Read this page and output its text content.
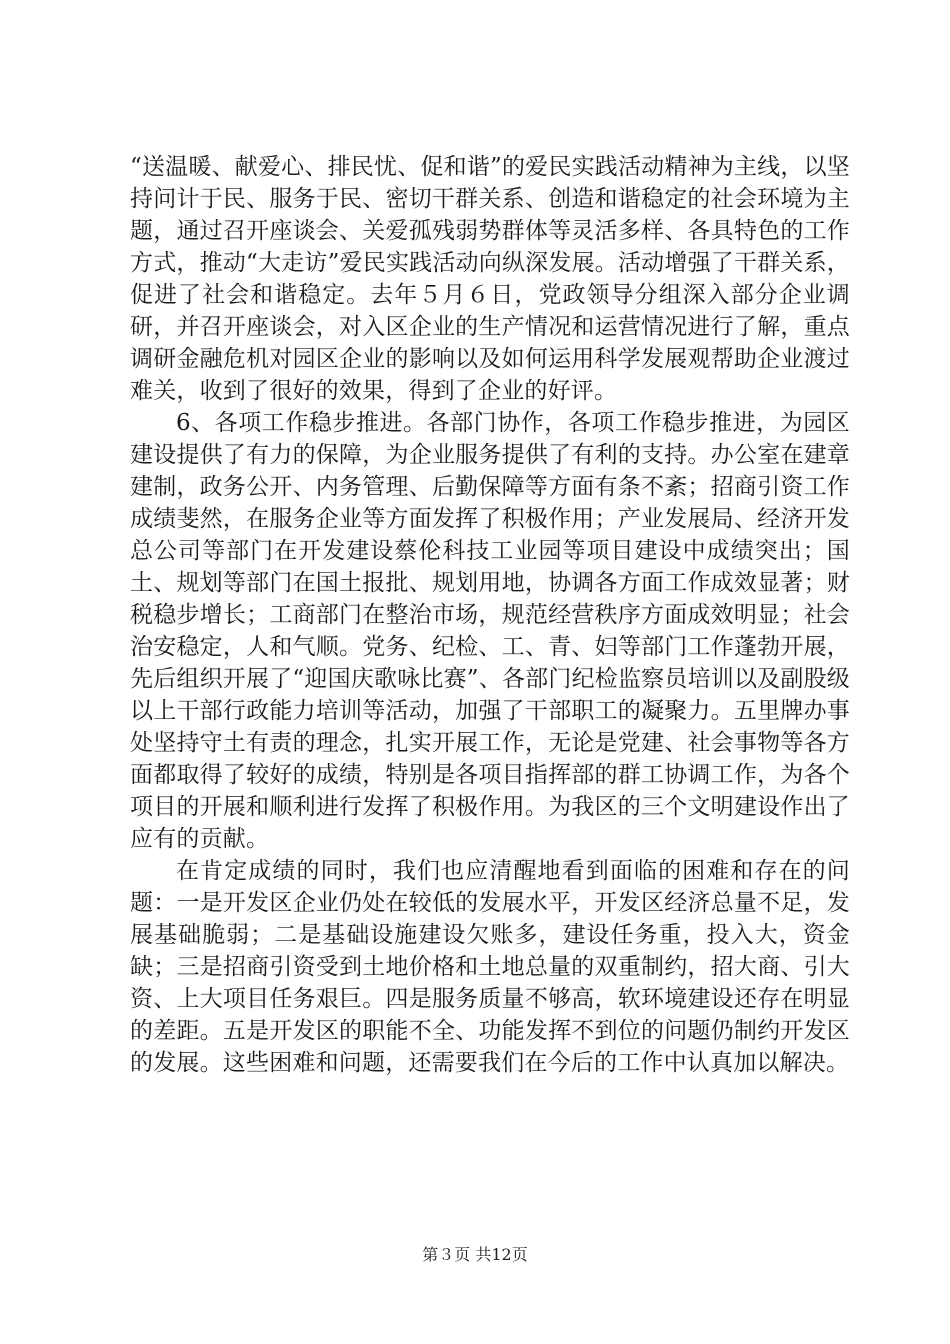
“送温暖、献爱心、排民忧、促和谐”的爱民实践活动精神为主线，以坚持问计于民、服务于民、密切干群关系、创造和谐稳定的社会环境为主题，通过召开座谈会、关爱孤残弱势群体等灵活多样、各具特色的工作方式，推动“大走访”爱民实践活动向纵深发展。活动增强了干群关系，促进了社会和谐稳定。去年５月６日，党政领导分组深入部分企业调研，并召开座谈会，对入区企业的生产情况和运营情况进行了解，重点调研金融危机对园区企业的影响以及如何运用科学发展观帮助企业渡过难关，收到了很好的效果，得到了企业的好评。

6、各项工作稳步推进。各部门协作，各项工作稳步推进，为园区建设提供了有力的保障，为企业服务提供了有利的支持。办公室在建章建制，政务公开、内务管理、后勤保障等方面有条不紊；招商引资工作成绩斐然，在服务企业等方面发挥了积极作用；产业发展局、经济开发总公司等部门在开发建设蔡伦科技工业园等项目建设中成绩突出；国土、规划等部门在国土报批、规划用地，协调各方面工作成效显著；财税稳步增长；工商部门在整治市场，规范经营秩序方面成效明显；社会治安稳定，人和气顺。党务、纪检、工、青、妇等部门工作蓬勃开展，先后组织开展了“迎国庆歌咏比赛”、各部门纪检监察员培训以及副股级以上干部行政能力培训等活动，加强了干部职工的凝聚力。五里牌办事处坚持守土有责的理念，扎实开展工作，无论是党建、社会事物等各方面都取得了较好的成绩，特别是各项目指挥部的群工协调工作，为各个项目的开展和顺利进行发挥了积极作用。为我区的三个文明建设作出了应有的贡献。

在肯定成绩的同时，我们也应清醒地看到面临的困难和存在的问题：一是开发区企业仍处在较低的发展水平，开发区经济总量不足，发展基础脆弱；二是基础设施建设欠账多，建设任务重，投入大，资金缺；三是招商引资受到土地价格和土地总量的双重制约，招大商、引大资、上大项目任务艰巨。四是服务质量不够高，软环境建设还存在明显的差距。五是开发区的职能不全、功能发挥不到位的问题仍制约开发区的发展。这些困难和问题，还需要我们在今后的工作中认真加以解决。

第３页 共12页
